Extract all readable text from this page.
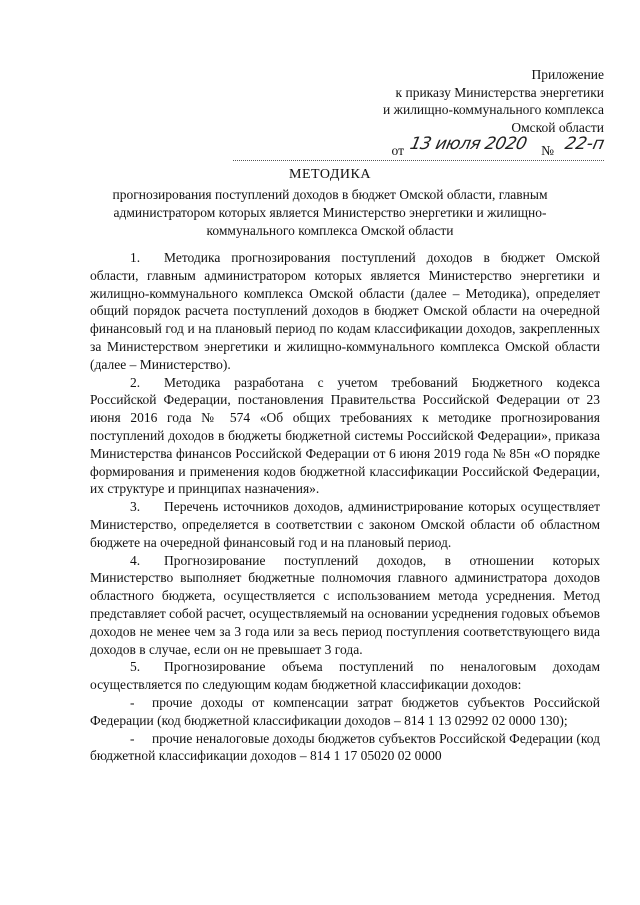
Приложение
к приказу Министерства энергетики
и жилищно-коммунального комплекса
Омской области
от 13 июля 2020 № 22-п
МЕТОДИКА
прогнозирования поступлений доходов в бюджет Омской области, главным администратором которых является Министерство энергетики и жилищно-коммунального комплекса Омской области

1. Методика прогнозирования поступлений доходов в бюджет Омской области, главным администратором которых является Министерство энергетики и жилищно-коммунального комплекса Омской области (далее – Методика), определяет общий порядок расчета поступлений доходов в бюджет Омской области на очередной финансовый год и на плановый период по кодам классификации доходов, закрепленных за Министерством энергетики и жилищно-коммунального комплекса Омской области (далее – Министерство).

2. Методика разработана с учетом требований Бюджетного кодекса Российской Федерации, постановления Правительства Российской Федерации от 23 июня 2016 года № 574 «Об общих требованиях к методике прогнозирования поступлений доходов в бюджеты бюджетной системы Российской Федерации», приказа Министерства финансов Российской Федерации от 6 июня 2019 года № 85н «О порядке формирования и применения кодов бюджетной классификации Российской Федерации, их структуре и принципах назначения».

3. Перечень источников доходов, администрирование которых осуществляет Министерство, определяется в соответствии с законом Омской области об областном бюджете на очередной финансовый год и на плановый период.

4. Прогнозирование поступлений доходов, в отношении которых Министерство выполняет бюджетные полномочия главного администратора доходов областного бюджета, осуществляется с использованием метода усреднения. Метод представляет собой расчет, осуществляемый на основании усреднения годовых объемов доходов не менее чем за 3 года или за весь период поступления соответствующего вида доходов в случае, если он не превышает 3 года.

5. Прогнозирование объема поступлений по неналоговым доходам осуществляется по следующим кодам бюджетной классификации доходов:

- прочие доходы от компенсации затрат бюджетов субъектов Российской Федерации (код бюджетной классификации доходов – 814 1 13 02992 02 0000 130);

- прочие неналоговые доходы бюджетов субъектов Российской Федерации (код бюджетной классификации доходов – 814 1 17 05020 02 0000
